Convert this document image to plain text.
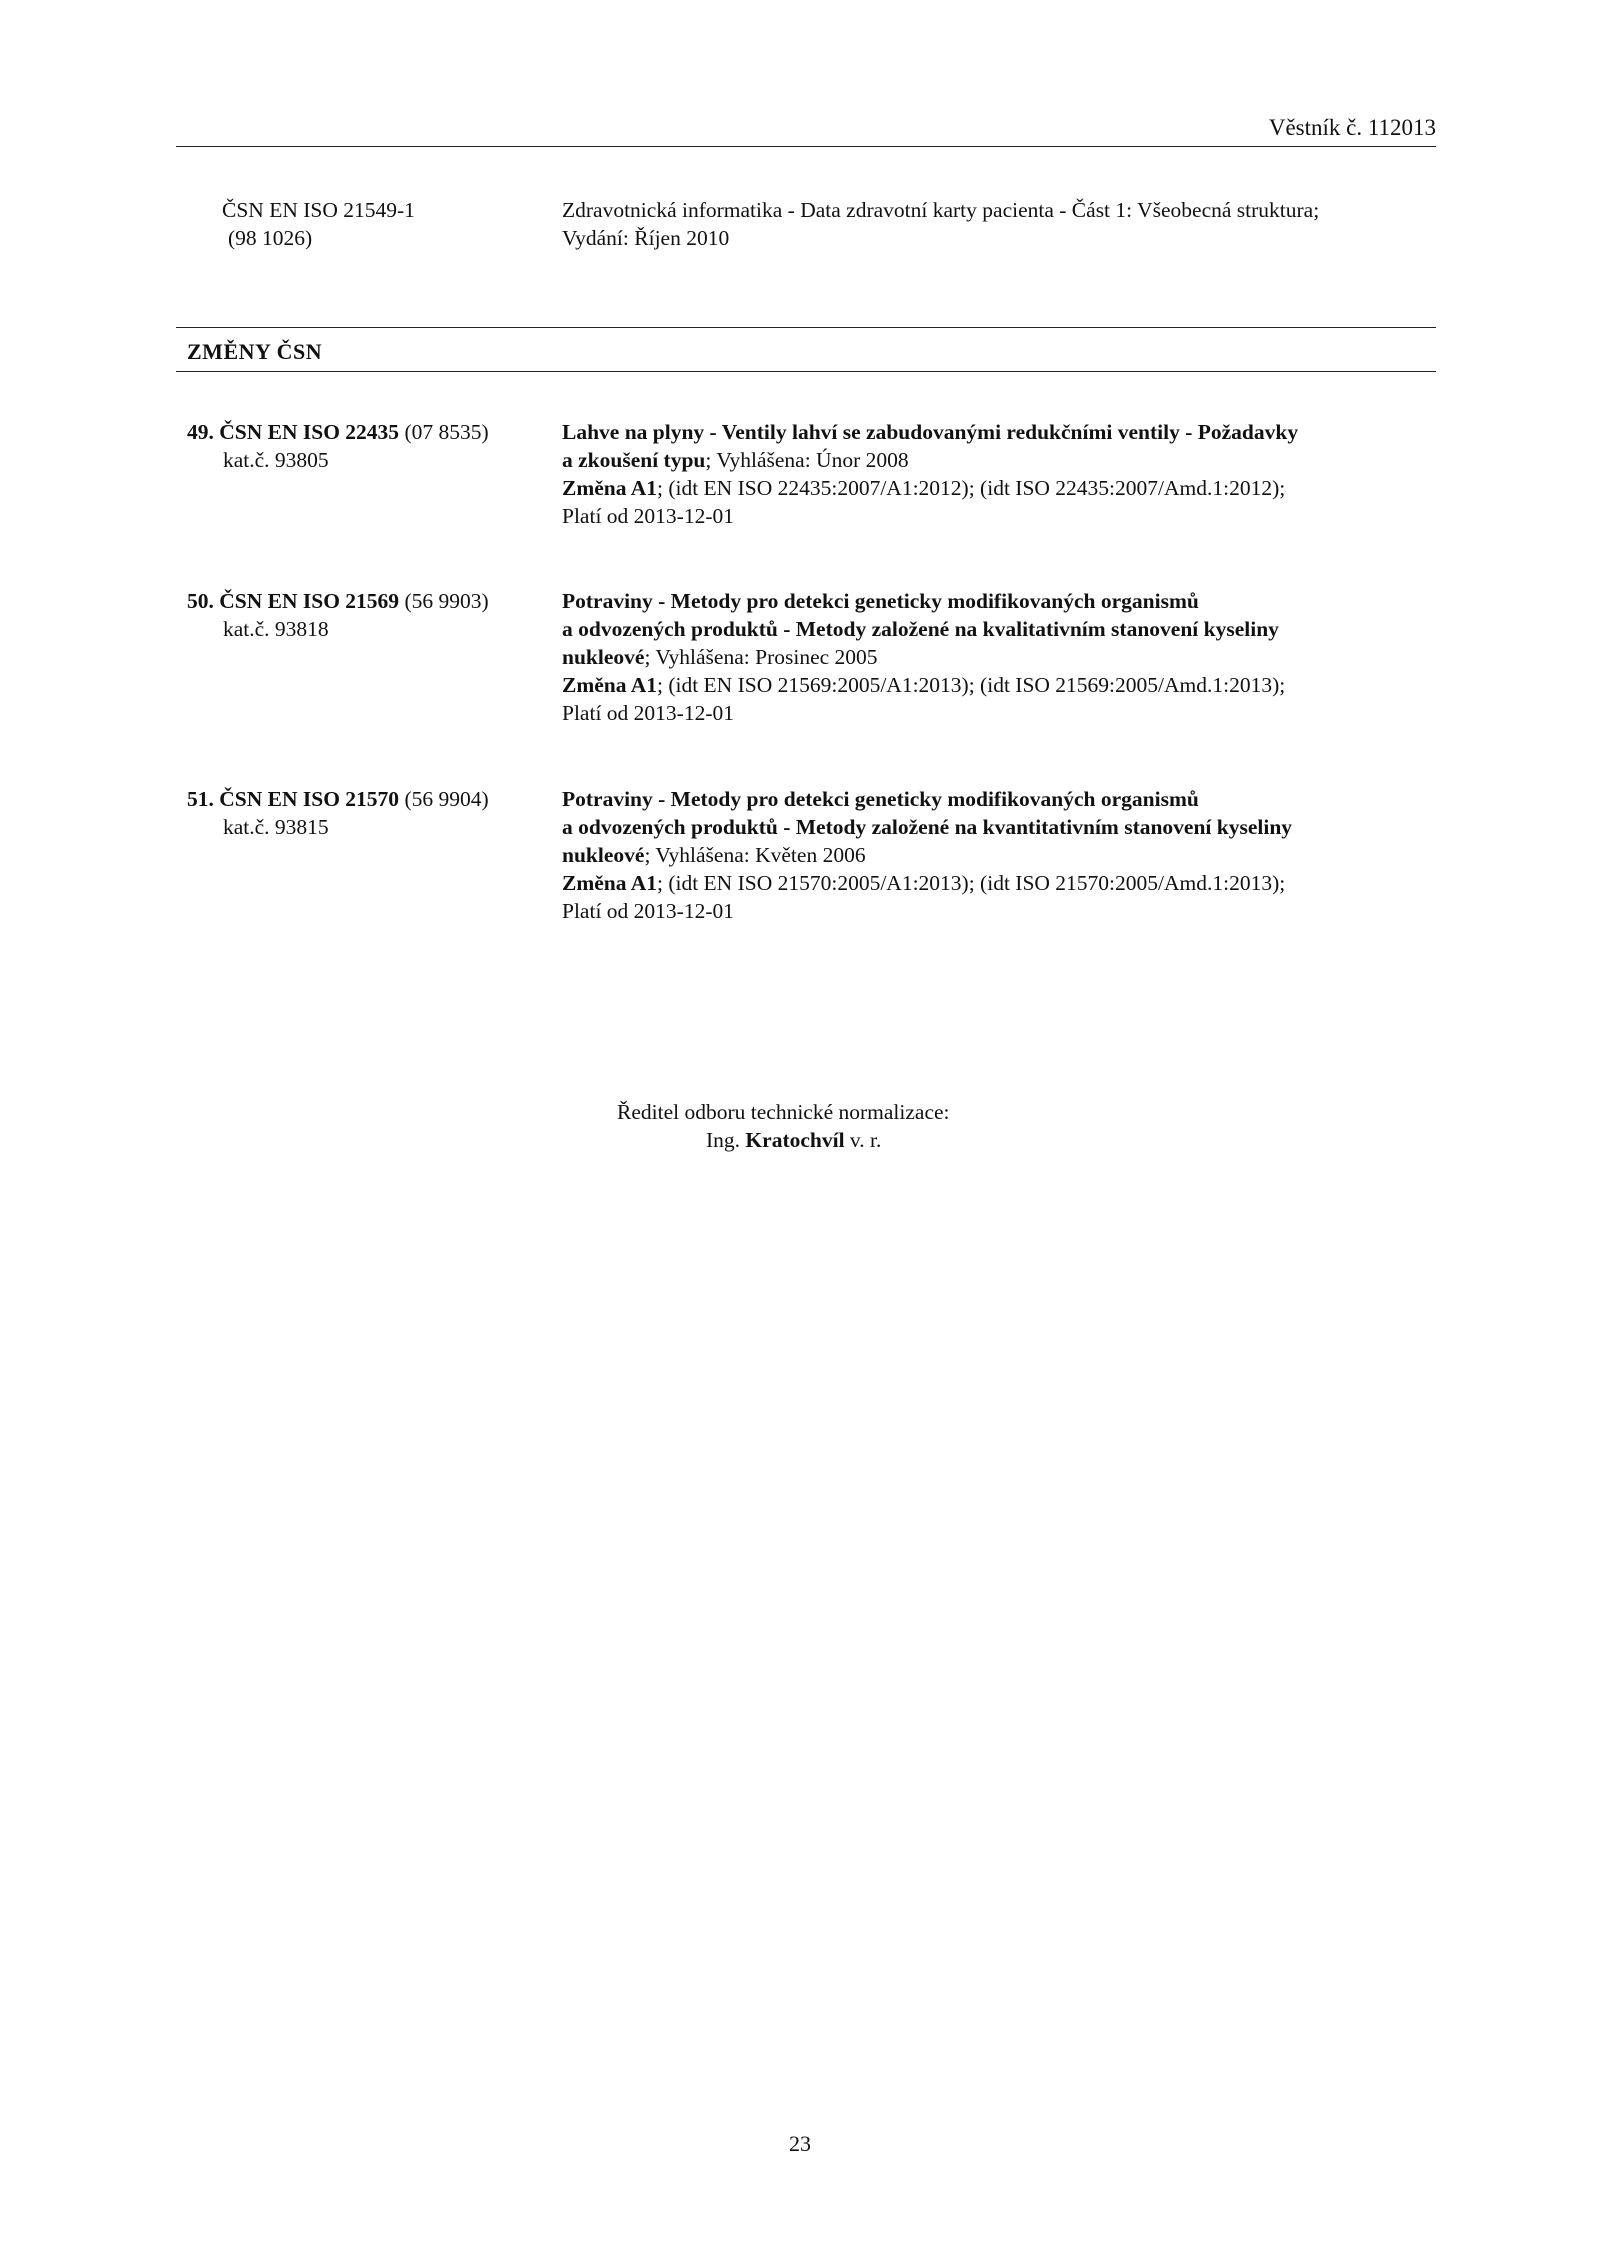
Věstník č. 112013
ČSN EN ISO 21549-1
(98 1026)
Zdravotnická informatika - Data zdravotní karty pacienta - Část 1: Všeobecná struktura;
Vydání: Říjen 2010
ZMĚNY ČSN
49. ČSN EN ISO 22435 (07 8535)
kat.č. 93805
Lahve na plyny - Ventily lahví se zabudovanými redukčními ventily - Požadavky
a zkoušení typu; Vyhlášena: Únor 2008
Změna A1; (idt EN ISO 22435:2007/A1:2012); (idt ISO 22435:2007/Amd.1:2012);
Platí od 2013-12-01
50. ČSN EN ISO 21569 (56 9903)
kat.č. 93818
Potraviny - Metody pro detekci geneticky modifikovaných organismů
a odvozených produktů - Metody založené na kvalitativním stanovení kyseliny
nukleové; Vyhlášena: Prosinec 2005
Změna A1; (idt EN ISO 21569:2005/A1:2013); (idt ISO 21569:2005/Amd.1:2013);
Platí od 2013-12-01
51. ČSN EN ISO 21570 (56 9904)
kat.č. 93815
Potraviny - Metody pro detekci geneticky modifikovaných organismů
a odvozených produktů - Metody založené na kvantitativním stanovení kyseliny
nukleové; Vyhlášena: Květen 2006
Změna A1; (idt EN ISO 21570:2005/A1:2013); (idt ISO 21570:2005/Amd.1:2013);
Platí od 2013-12-01
Ředitel odboru technické normalizace:
Ing. Kratochvíl v. r.
23
